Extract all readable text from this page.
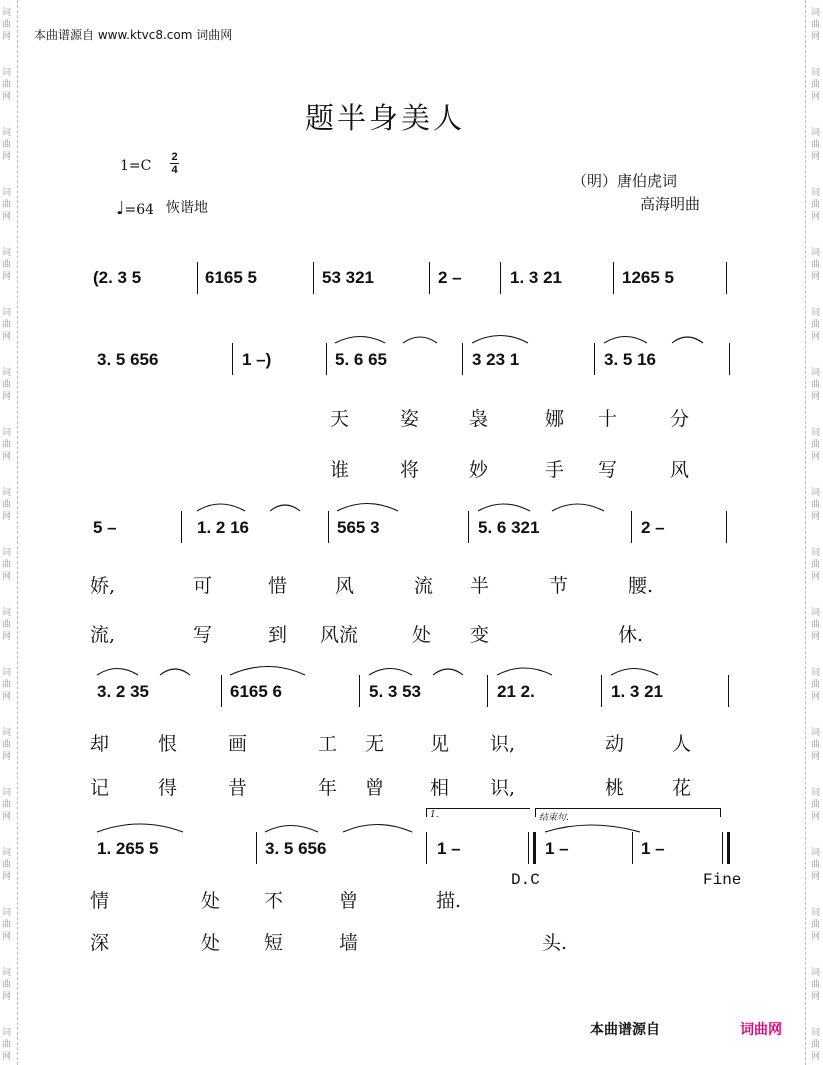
词
曲
网
词
曲
网
词
曲
网
词
曲
网
词
曲
网
词
曲
网
词
曲
网
词
曲
网
词
曲
网
词
曲
网
词
曲
网
词
曲
网
词
曲
网
词
曲
网
词
曲
网
词
曲
网
词
曲
网
词
曲
网
词
曲
网
词
曲
网
词
曲
网
词
曲
网
词
曲
网
词
曲
网
词
曲
网
词
曲
网
词
曲
网
词
曲
网
词
曲
网
词
曲
网
词
曲
网
词
曲
网
词
曲
网
词
曲
网
词
曲
网
词
曲
网
本曲谱源自 www.ktvc8.com 词曲网
题半身美人
1=C
2
4
♩=64 恢谐地
（明）唐伯虎词
高海明曲
(2. 3 5	6165 5	53 321	2 –	1. 3 21	1265 5
3. 5 656	1 –)	5. 6 65	3 23 1	3. 5 16
天	姿	袅	娜 十	分
谁	将	妙	手 写	风
5 –	1. 2 16	565 3	5. 6 321	2 –
娇,	可	惜	风	流 半	节	腰.
流,	写	到 风流	处 变	休.
3. 2 35	6165 6	5. 3 53	21 2.	1. 3 21
却	恨	画	工 无 见 识,	动	人
记	得	昔	年 曾 相 识,	桃	花
1.	结束句.
1. 265 5	3. 5 656	1 –	1 –	1 –
D.C	Fine
情	处 不	曾	描.
深	处 短	墙	头.
本曲谱源自	词曲网
